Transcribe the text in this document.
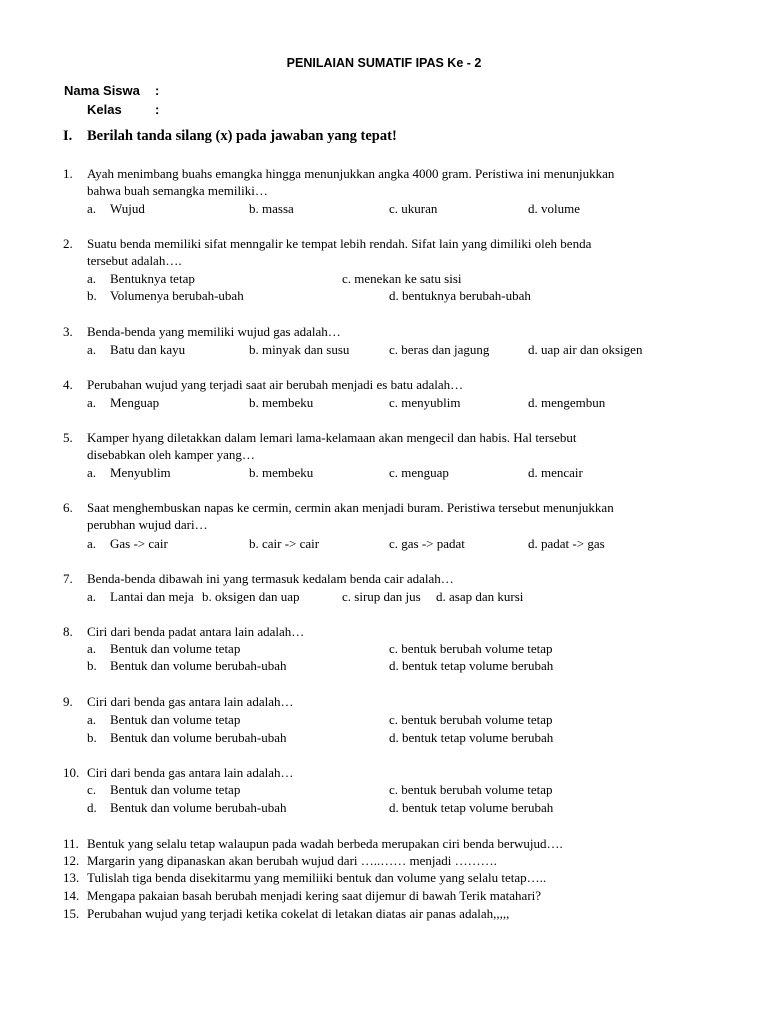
PENILAIAN SUMATIF IPAS Ke - 2
Nama Siswa :
Kelas	:
I. Berilah tanda silang (x) pada jawaban yang tepat!
1. Ayah menimbang buahs emangka hingga menunjukkan angka 4000 gram. Peristiwa ini menunjukkan
bahwa buah semangka memiliki…
a. Wujud	b. massa	c. ukuran	d. volume
2. Suatu benda memiliki sifat menngalir ke tempat lebih rendah. Sifat lain yang dimiliki oleh benda
tersebut adalah….
a. Bentuknya tetap	c. menekan ke satu sisi
b. Volumenya berubah-ubah	d. bentuknya berubah-ubah
3. Benda-benda yang memiliki wujud gas adalah…
a. Batu dan kayu	b. minyak dan susu	c. beras dan jagung	d. uap air dan oksigen
4. Perubahan wujud yang terjadi saat air berubah menjadi es batu adalah…
a. Menguap	b. membeku	c. menyublim	d. mengembun
5. Kamper hyang diletakkan dalam lemari lama-kelamaan akan mengecil dan habis. Hal tersebut
disebabkan oleh kamper yang…
a. Menyublim	b. membeku	c. menguap	d. mencair
6. Saat menghembuskan napas ke cermin, cermin akan menjadi buram. Peristiwa tersebut menunjukkan
perubhan wujud dari…
a. Gas -> cair	b. cair -> cair	c. gas -> padat	d. padat -> gas
7. Benda-benda dibawah ini yang termasuk kedalam benda cair adalah…
a. Lantai dan meja b. oksigen dan uap	c. sirup dan jus d. asap dan kursi
8. Ciri dari benda padat antara lain adalah…
a. Bentuk dan volume tetap	c. bentuk berubah volume tetap
b. Bentuk dan volume berubah-ubah	d. bentuk tetap volume berubah
9. Ciri dari benda gas antara lain adalah…
a. Bentuk dan volume tetap	c. bentuk berubah volume tetap
b. Bentuk dan volume berubah-ubah	d. bentuk tetap volume berubah
10. Ciri dari benda gas antara lain adalah…
c. Bentuk dan volume tetap	c. bentuk berubah volume tetap
d. Bentuk dan volume berubah-ubah	d. bentuk tetap volume berubah
11. Bentuk yang selalu tetap walaupun pada wadah berbeda merupakan ciri benda berwujud….
12. Margarin yang dipanaskan akan berubah wujud dari …..…… menjadi ……….
13. Tulislah tiga benda disekitarmu yang memiliiki bentuk dan volume yang selalu tetap…..
14. Mengapa pakaian basah berubah menjadi kering saat dijemur di bawah Terik matahari?
15. Perubahan wujud yang terjadi ketika cokelat di letakan diatas air panas adalah,,,,,
